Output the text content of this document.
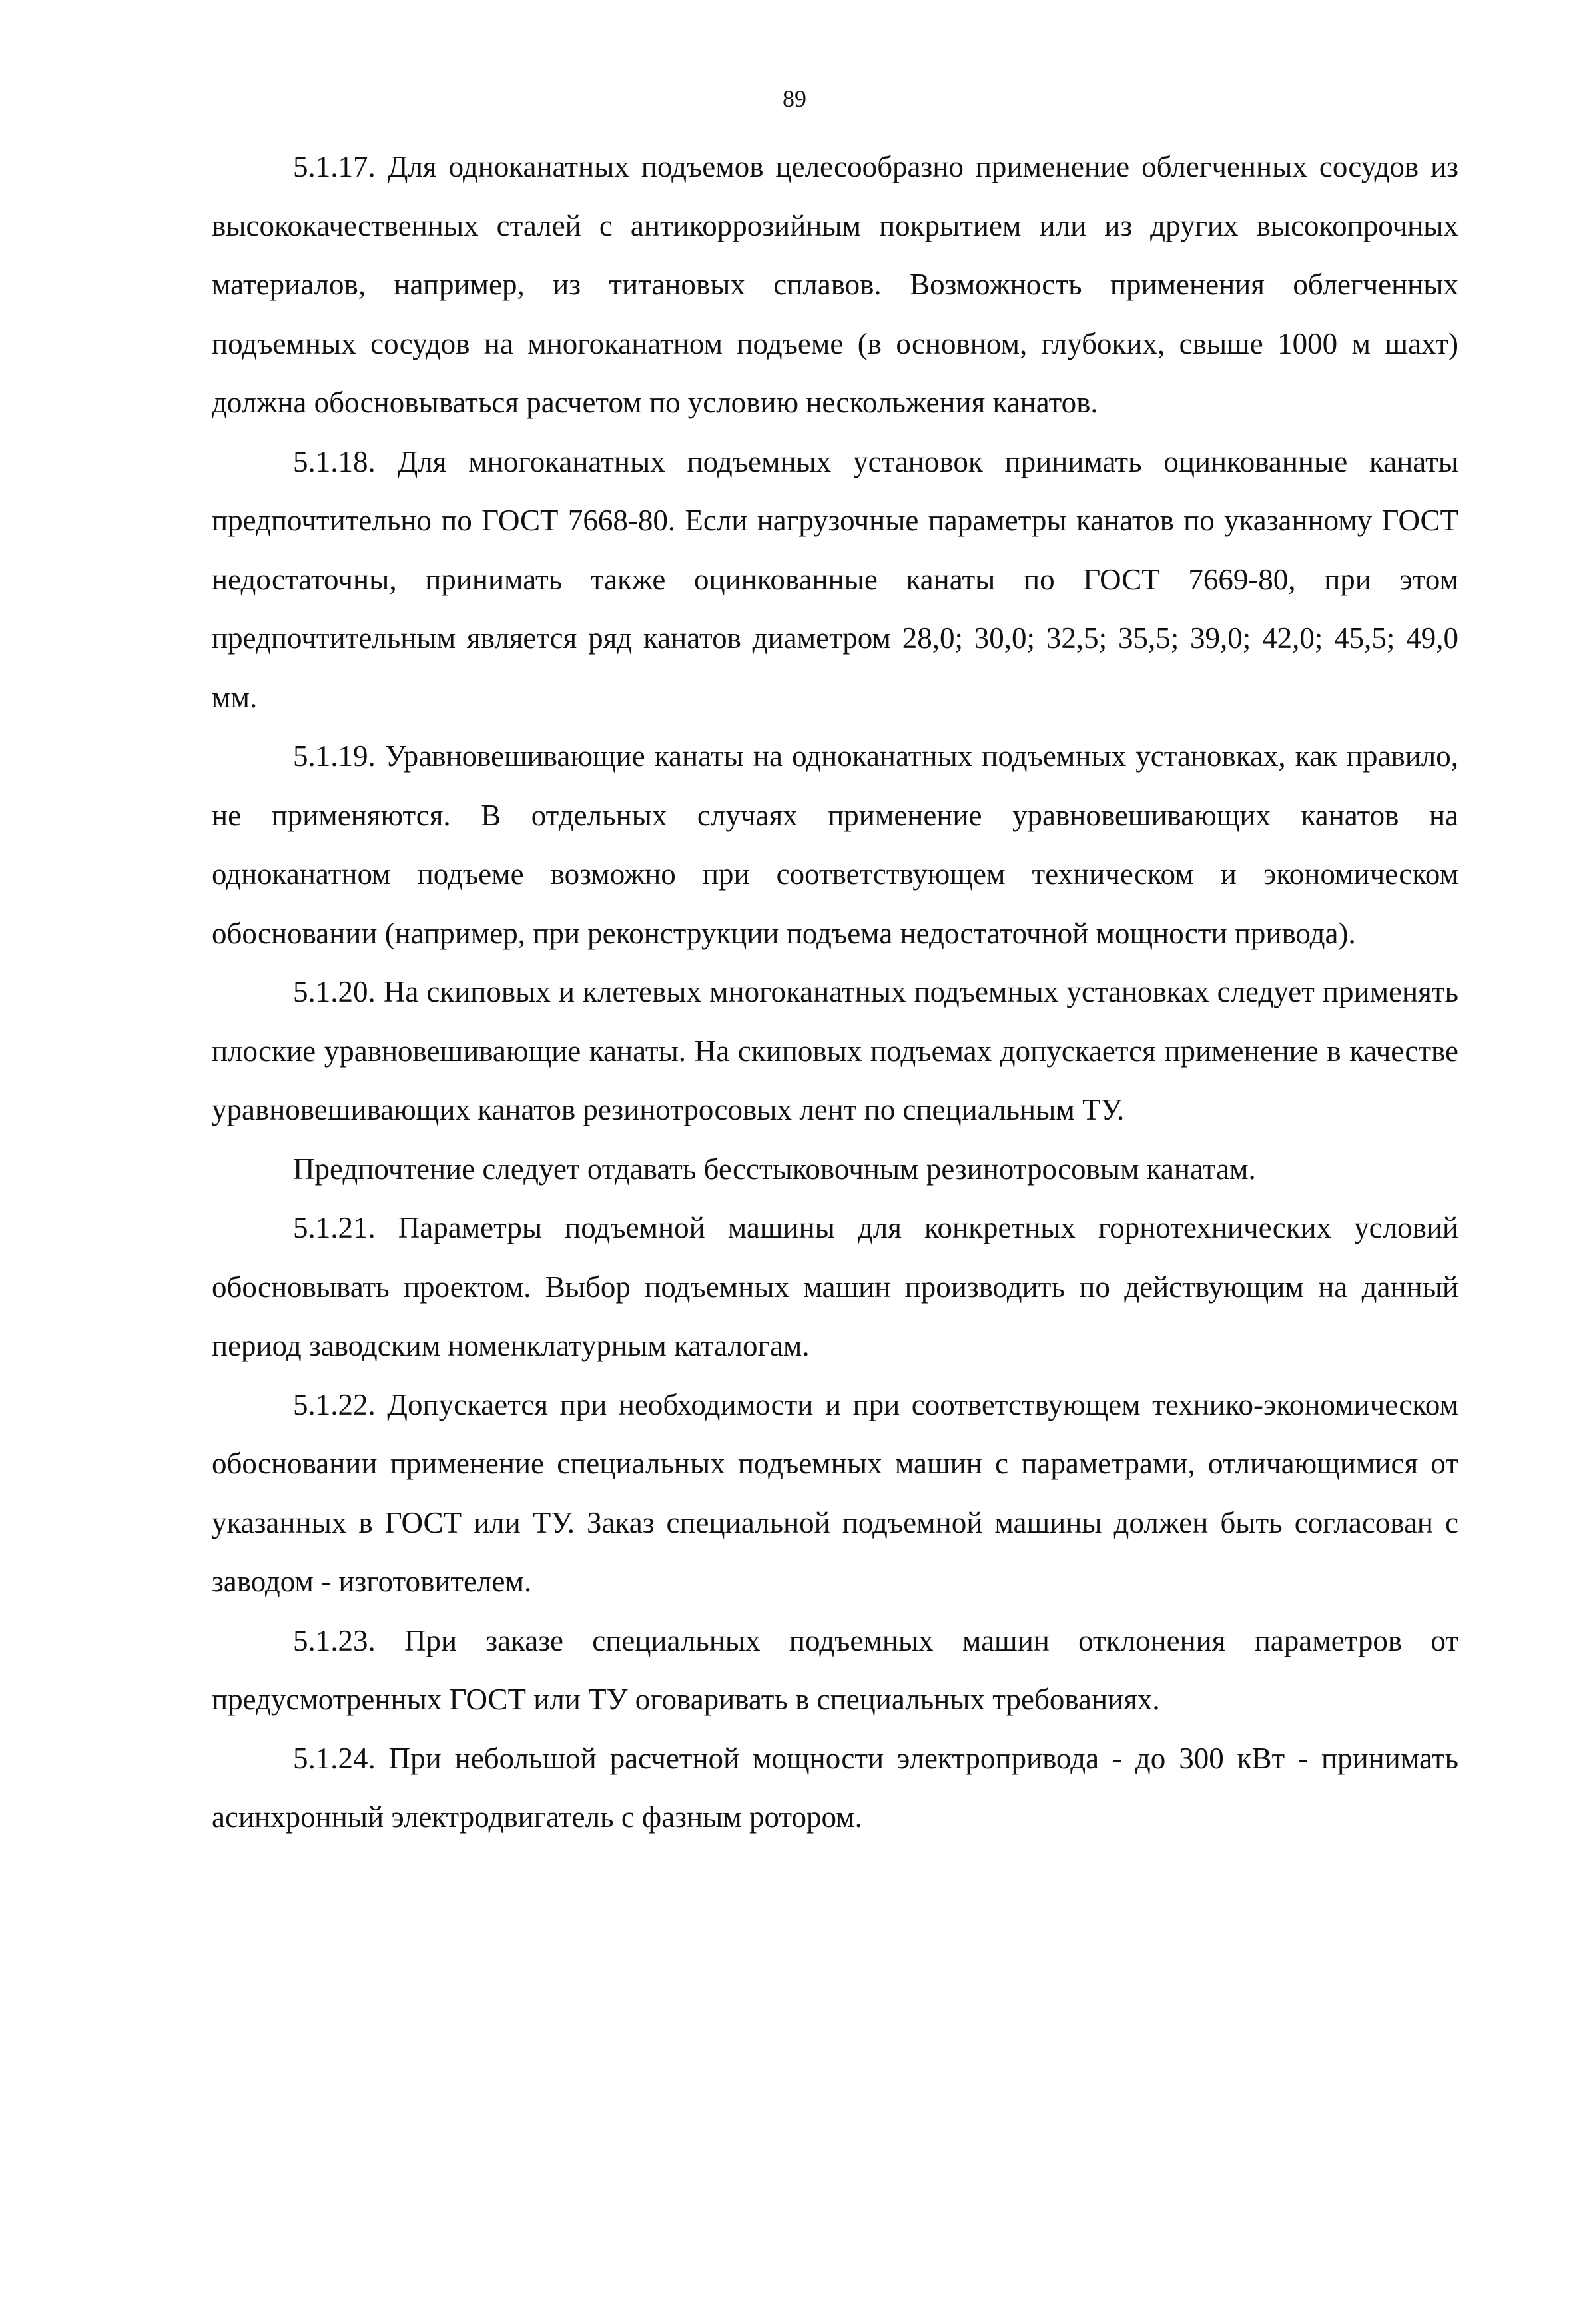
89

5.1.17. Для одноканатных подъемов целесообразно применение облегченных сосудов из высококачественных сталей с антикоррозийным покрытием или из других высокопрочных материалов, например, из титановых сплавов. Возможность применения облегченных подъемных сосудов на многоканатном подъеме (в основном, глубоких, свыше 1000 м шахт) должна обосновываться расчетом по условию нескольжения канатов.

5.1.18. Для многоканатных подъемных установок принимать оцинкованные канаты предпочтительно по ГОСТ 7668-80. Если нагрузочные параметры канатов по указанному ГОСТ недостаточны, принимать также оцинкованные канаты по ГОСТ 7669-80, при этом предпочтительным является ряд канатов диаметром 28,0; 30,0; 32,5; 35,5; 39,0; 42,0; 45,5; 49,0 мм.

5.1.19. Уравновешивающие канаты на одноканатных подъемных установках, как правило, не применяются. В отдельных случаях применение уравновешивающих канатов на одноканатном подъеме возможно при соответствующем техническом и экономическом обосновании (например, при реконструкции подъема недостаточной мощности привода).

5.1.20. На скиповых и клетевых многоканатных подъемных установках следует применять плоские уравновешивающие канаты. На скиповых подъемах допускается применение в качестве уравновешивающих канатов резинотросовых лент по специальным ТУ.

Предпочтение следует отдавать бесстыковочным резинотросовым канатам.

5.1.21. Параметры подъемной машины для конкретных горнотехнических условий обосновывать проектом. Выбор подъемных машин производить по действующим на данный период заводским номенклатурным каталогам.

5.1.22. Допускается при необходимости и при соответствующем технико-экономическом обосновании применение специальных подъемных машин с параметрами, отличающимися от указанных в ГОСТ или ТУ. Заказ специальной подъемной машины должен быть согласован с заводом - изготовителем.

5.1.23. При заказе специальных подъемных машин отклонения параметров от предусмотренных ГОСТ или ТУ оговаривать в специальных требованиях.

5.1.24. При небольшой расчетной мощности электропривода - до 300 кВт - принимать асинхронный электродвигатель с фазным ротором.
